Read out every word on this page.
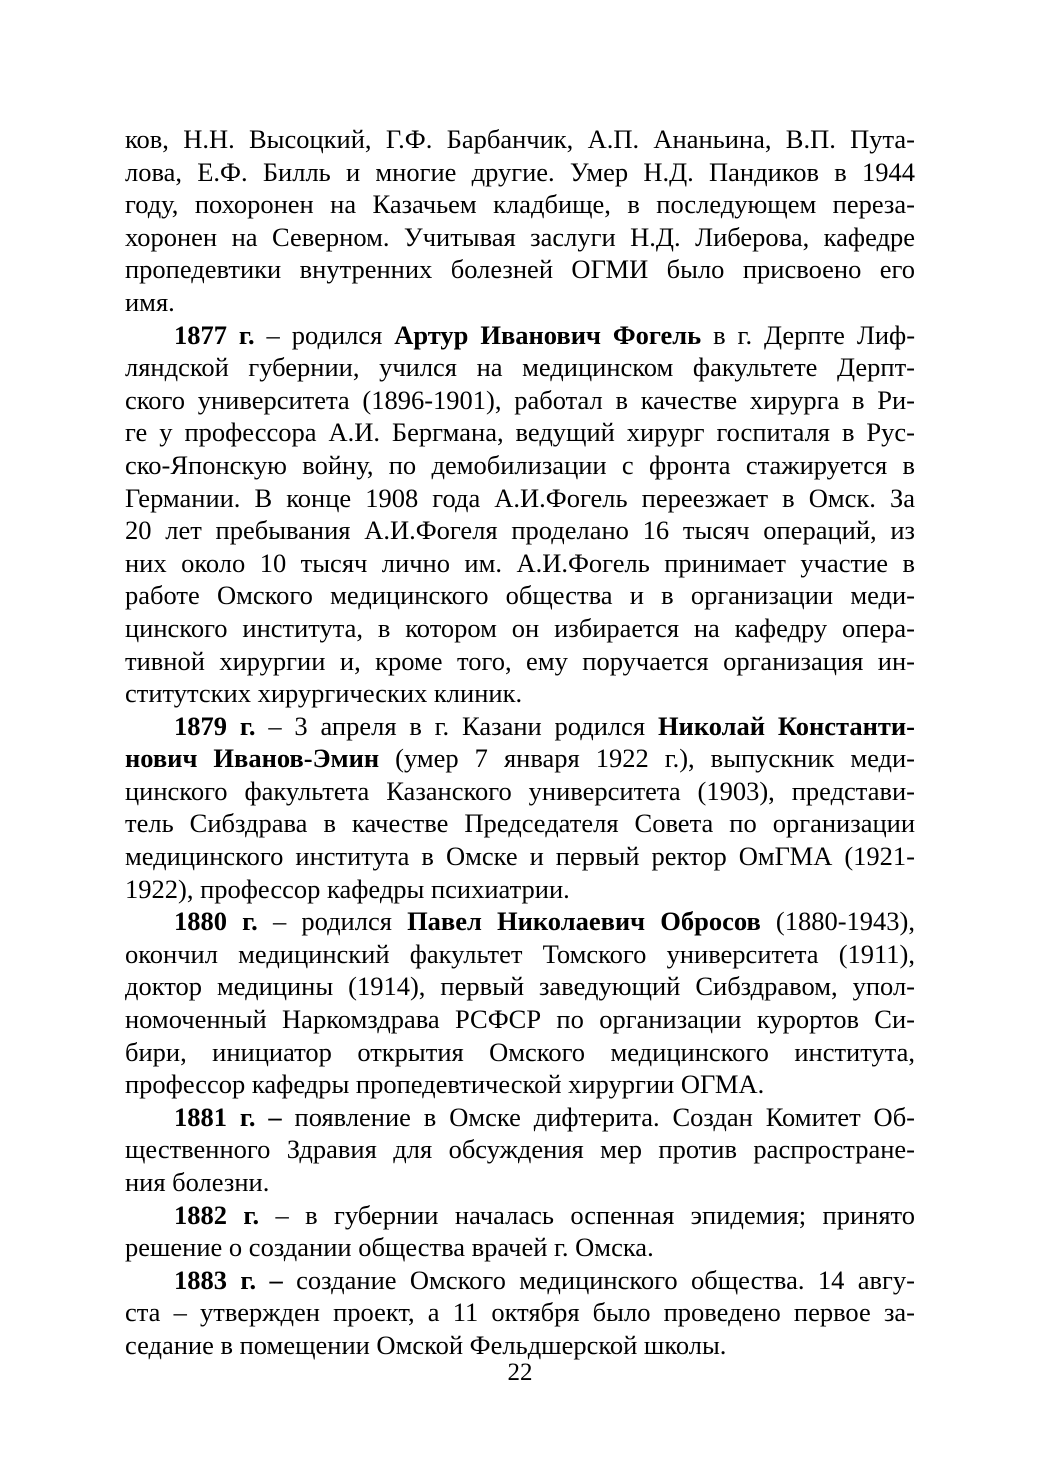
ков, Н.Н. Высоцкий, Г.Ф. Барбанчик, А.П. Ананьина, В.П. Пута-
лова, Е.Ф. Билль и многие другие. Умер Н.Д. Пандиков в 1944
году, похоронен на Казачьем кладбище, в последующем переза-
хоронен на Северном. Учитывая заслуги Н.Д. Либерова, кафедре
пропедевтики внутренних болезней ОГМИ было присвоено его
имя.
1877 г. – родился Артур Иванович Фогель в г. Дерпте Лиф-
ляндской губернии, учился на медицинском факультете Дерпт-
ского университета (1896-1901), работал в качестве хирурга в Ри-
ге у профессора А.И. Бергмана, ведущий хирург госпиталя в Рус-
ско-Японскую войну, по демобилизации с фронта стажируется в
Германии. В конце 1908 года А.И.Фогель переезжает в Омск. За
20 лет пребывания А.И.Фогеля проделано 16 тысяч операций, из
них около 10 тысяч лично им. А.И.Фогель принимает участие в
работе Омского медицинского общества и в организации меди-
цинского института, в котором он избирается на кафедру опера-
тивной хирургии и, кроме того, ему поручается организация ин-
ститутских хирургических клиник.
1879 г. – 3 апреля в г. Казани родился Николай Константи-
нович Иванов-Эмин (умер 7 января 1922 г.), выпускник меди-
цинского факультета Казанского университета (1903), представи-
тель Сибздрава в качестве Председателя Совета по организации
медицинского института в Омске и первый ректор ОмГМА (1921-
1922), профессор кафедры психиатрии.
1880 г. – родился Павел Николаевич Обросов (1880-1943),
окончил медицинский факультет Томского университета (1911),
доктор медицины (1914), первый заведующий Сибздравом, упол-
номоченный Наркомздрава РСФСР по организации курортов Си-
бири, инициатор открытия Омского медицинского института,
профессор кафедры пропедевтической хирургии ОГМА.
1881 г. – появление в Омске дифтерита. Создан Комитет Об-
щественного Здравия для обсуждения мер против распростране-
ния болезни.
1882 г. – в губернии началась оспенная эпидемия; принято
решение о создании общества врачей г. Омска.
1883 г. – создание Омского медицинского общества. 14 авгу-
ста – утвержден проект, а 11 октября было проведено первое за-
седание в помещении Омской Фельдшерской школы.
22
